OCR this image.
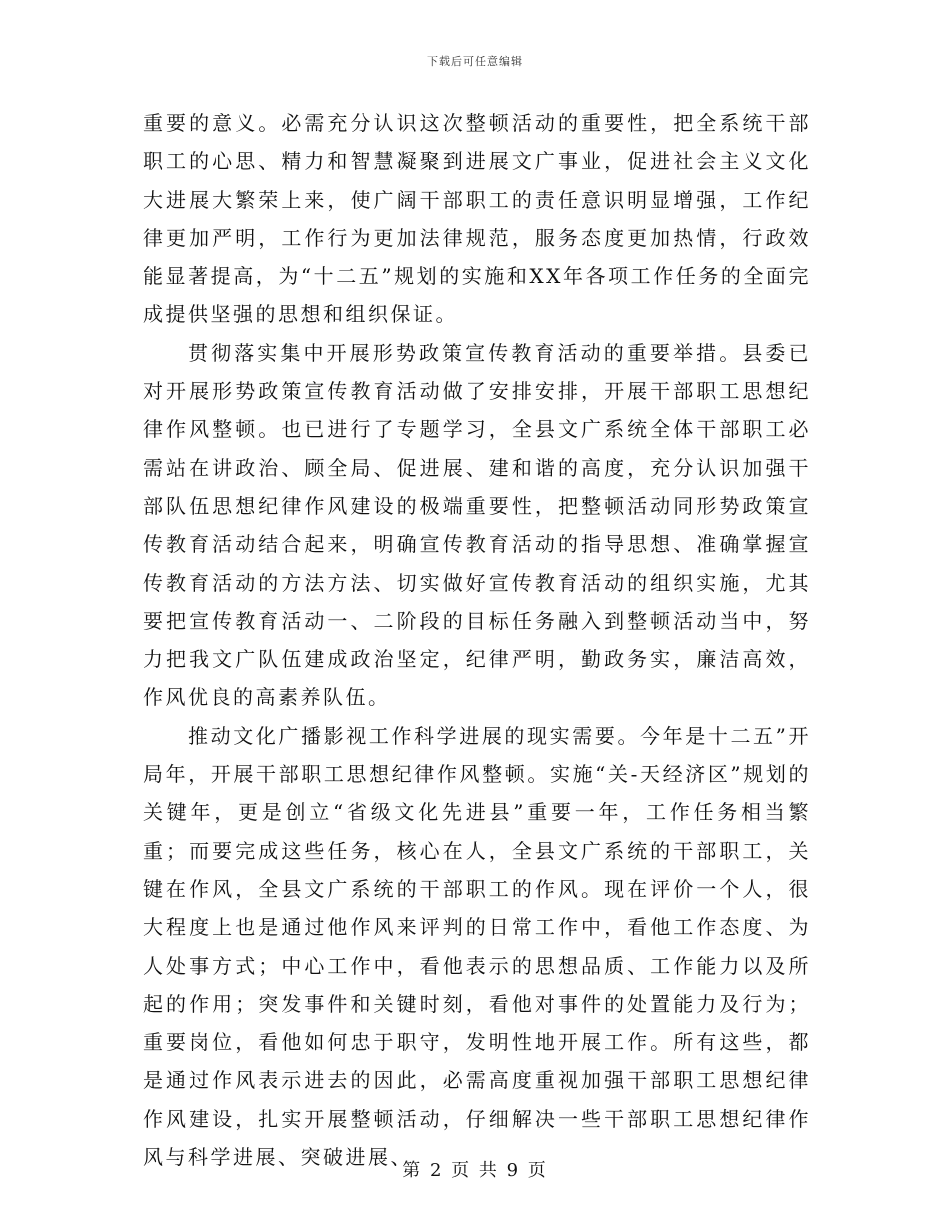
下载后可任意编辑

重要的意义。必需充分认识这次整顿活动的重要性，把全系统干部职工的心思、精力和智慧凝聚到进展文广事业，促进社会主义文化大进展大繁荣上来，使广阔干部职工的责任意识明显增强，工作纪律更加严明，工作行为更加法律规范，服务态度更加热情，行政效能显著提高，为“十二五”规划的实施和XX年各项工作任务的全面完成提供坚强的思想和组织保证。

贯彻落实集中开展形势政策宣传教育活动的重要举措。县委已对开展形势政策宣传教育活动做了安排安排，开展干部职工思想纪律作风整顿。也已进行了专题学习，全县文广系统全体干部职工必需站在讲政治、顾全局、促进展、建和谐的高度，充分认识加强干部队伍思想纪律作风建设的极端重要性，把整顿活动同形势政策宣传教育活动结合起来，明确宣传教育活动的指导思想、准确掌握宣传教育活动的方法方法、切实做好宣传教育活动的组织实施，尤其要把宣传教育活动一、二阶段的目标任务融入到整顿活动当中，努力把我文广队伍建成政治坚定，纪律严明，勤政务实，廉洁高效，作风优良的高素养队伍。

推动文化广播影视工作科学进展的现实需要。今年是十二五”开局年，开展干部职工思想纪律作风整顿。实施“关-天经济区”规划的关键年，更是创立“省级文化先进县”重要一年，工作任务相当繁重；而要完成这些任务，核心在人，全县文广系统的干部职工，关键在作风，全县文广系统的干部职工的作风。现在评价一个人，很大程度上也是通过他作风来评判的日常工作中，看他工作态度、为人处事方式；中心工作中，看他表示的思想品质、工作能力以及所起的作用；突发事件和关键时刻，看他对事件的处置能力及行为；重要岗位，看他如何忠于职守，发明性地开展工作。所有这些，都是通过作风表示进去的因此，必需高度重视加强干部职工思想纪律作风建设，扎实开展整顿活动，仔细解决一些干部职工思想纪律作风与科学进展、突破进展、

第 2 页 共 9 页
